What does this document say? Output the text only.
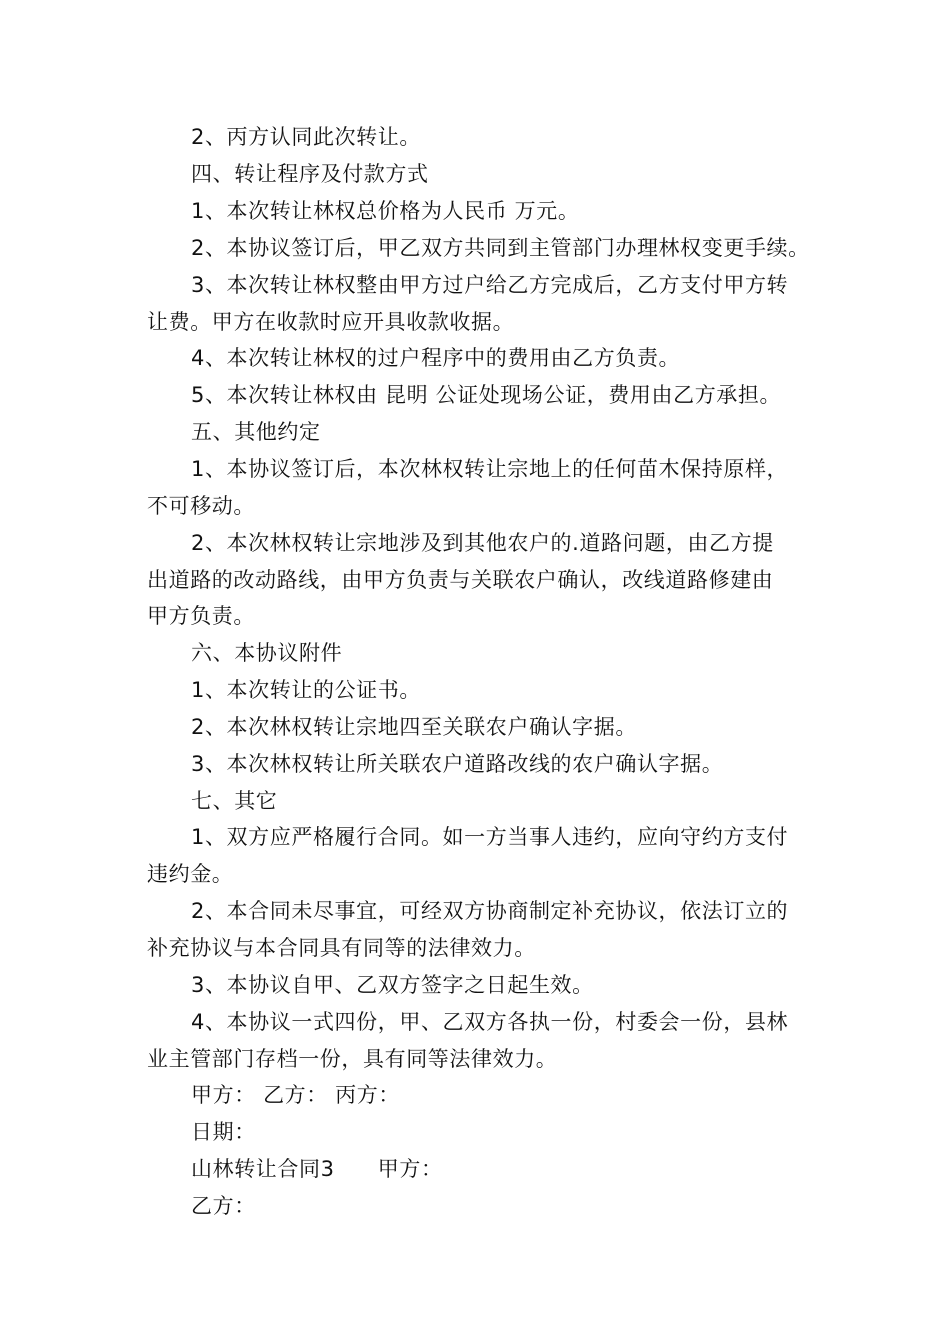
2、丙方认同此次转让。
四、转让程序及付款方式
1、本次转让林权总价格为人民币 万元。
2、本协议签订后，甲乙双方共同到主管部门办理林权变更手续。
3、本次转让林权整由甲方过户给乙方完成后，乙方支付甲方转
让费。甲方在收款时应开具收款收据。
4、本次转让林权的过户程序中的费用由乙方负责。
5、本次转让林权由 昆明 公证处现场公证，费用由乙方承担。
五、其他约定
1、本协议签订后，本次林权转让宗地上的任何苗木保持原样，
不可移动。
2、本次林权转让宗地涉及到其他农户的.道路问题，由乙方提
出道路的改动路线，由甲方负责与关联农户确认，改线道路修建由
甲方负责。
六、本协议附件
1、本次转让的公证书。
2、本次林权转让宗地四至关联农户确认字据。
3、本次林权转让所关联农户道路改线的农户确认字据。
七、其它
1、双方应严格履行合同。如一方当事人违约，应向守约方支付
违约金。
2、本合同未尽事宜，可经双方协商制定补充协议，依法订立的
补充协议与本合同具有同等的法律效力。
3、本协议自甲、乙双方签字之日起生效。
4、本协议一式四份，甲、乙双方各执一份，村委会一份，县林
业主管部门存档一份，具有同等法律效力。
甲方： 乙方： 丙方：
日期：
山林转让合同3　　甲方：
乙方：
